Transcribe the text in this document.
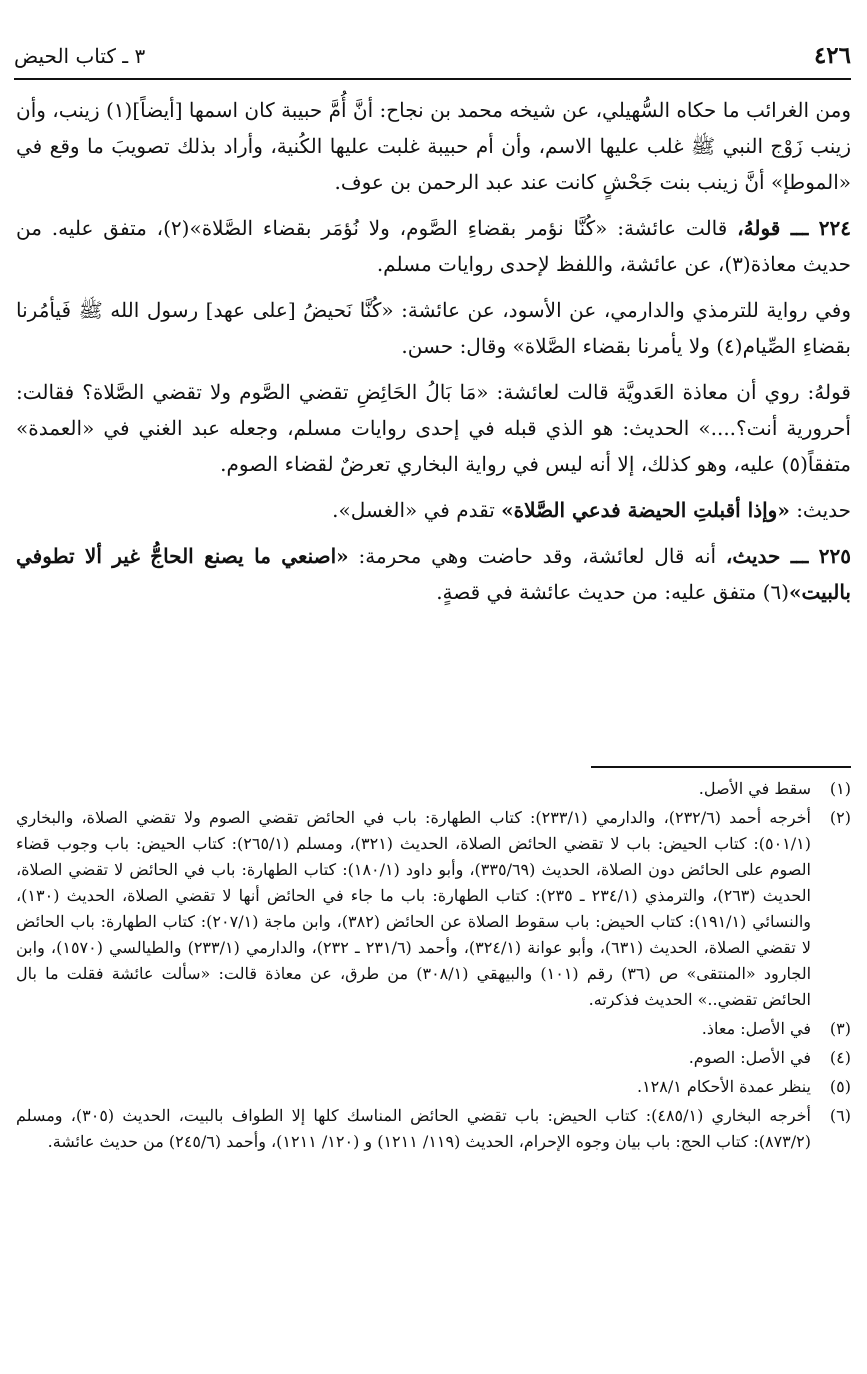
٤٢٦
٣ ـ كتاب الحيض

ومن الغرائب ما حكاه السُّهيلي، عن شيخه محمد بن نجاح: أنَّ أُمَّ حبيبة كان اسمها [أيضاً](١) زينب، وأن زينب زَوْج النبي ﷺ غلب عليها الاسم، وأن أم حبيبة غلبت عليها الكُنية، وأراد بذلك تصويبَ ما وقع في «الموطإ» أنَّ زينب بنت جَحْشٍ كانت عند عبد الرحمن بن عوف.

٢٢٤ ـــ قولهُ، قالت عائشة: «كُنَّا نؤمر بقضاءِ الصَّوم، ولا نُؤمَر بقضاء الصَّلاة»(٢)، متفق عليه. من حديث معاذة(٣)، عن عائشة، واللفظ لإحدى روايات مسلم.

وفي رواية للترمذي والدارمي، عن الأسود، عن عائشة: «كُنَّا نَحيضُ [على عهد] رسول الله ﷺ فَيأمُرنا بقضاءِ الصِّيام(٤) ولا يأمرنا بقضاء الصَّلاة» وقال: حسن.

قولهُ: روي أن معاذة العَدويَّة قالت لعائشة: «مَا بَالُ الحَائِضِ تقضي الصَّوم ولا تقضي الصَّلاة؟ فقالت: أحرورية أنت؟....» الحديث: هو الذي قبله في إحدى روايات مسلم، وجعله عبد الغني في «العمدة» متفقاً(٥) عليه، وهو كذلك، إلا أنه ليس في رواية البخاري تعرضٌ لقضاء الصوم.

حديث: «وإذا أقبلتِ الحيضة فدعي الصَّلاة» تقدم في «الغسل».

٢٢٥ ـــ حديث، أنه قال لعائشة، وقد حاضت وهي محرمة: «اصنعي ما يصنع الحاجُّ غير ألا تطوفي بالبيت»(٦) متفق عليه: من حديث عائشة في قصةٍ.

(١)
سقط في الأصل.
(٢)
أخرجه أحمد (٢٣٢/٦)، والدارمي (٢٣٣/١): كتاب الطهارة: باب في الحائض تقضي الصوم ولا تقضي الصلاة، والبخاري (٥٠١/١): كتاب الحيض: باب لا تقضي الحائض الصلاة، الحديث (٣٢١)، ومسلم (٢٦٥/١): كتاب الحيض: باب وجوب قضاء الصوم على الحائض دون الصلاة، الحديث (٣٣٥/٦٩)، وأبو داود (١٨٠/١): كتاب الطهارة: باب في الحائض لا تقضي الصلاة، الحديث (٢٦٣)، والترمذي (٢٣٤/١ ـ ٢٣٥): كتاب الطهارة: باب ما جاء في الحائض أنها لا تقضي الصلاة، الحديث (١٣٠)، والنسائي (١٩١/١): كتاب الحيض: باب سقوط الصلاة عن الحائض (٣٨٢)، وابن ماجة (٢٠٧/١): كتاب الطهارة: باب الحائض لا تقضي الصلاة، الحديث (٦٣١)، وأبو عوانة (٣٢٤/١)، وأحمد (٢٣١/٦ ـ ٢٣٢)، والدارمي (٢٣٣/١) والطيالسي (١٥٧٠)، وابن الجارود «المنتقى» ص (٣٦) رقم (١٠١) والبيهقي (٣٠٨/١) من طرق، عن معاذة قالت: «سألت عائشة فقلت ما بال الحائض تقضي..» الحديث فذكرته.
(٣)
في الأصل: معاذ.
(٤)
في الأصل: الصوم.
(٥)
ينظر عمدة الأحكام ١٢٨/١.
(٦)
أخرجه البخاري (٤٨٥/١): كتاب الحيض: باب تقضي الحائض المناسك كلها إلا الطواف بالبيت، الحديث (٣٠٥)، ومسلم (٨٧٣/٢): كتاب الحج: باب بيان وجوه الإحرام، الحديث (١١٩/ ١٢١١) و (١٢٠/ ١٢١١)، وأحمد (٢٤٥/٦) من حديث عائشة.
